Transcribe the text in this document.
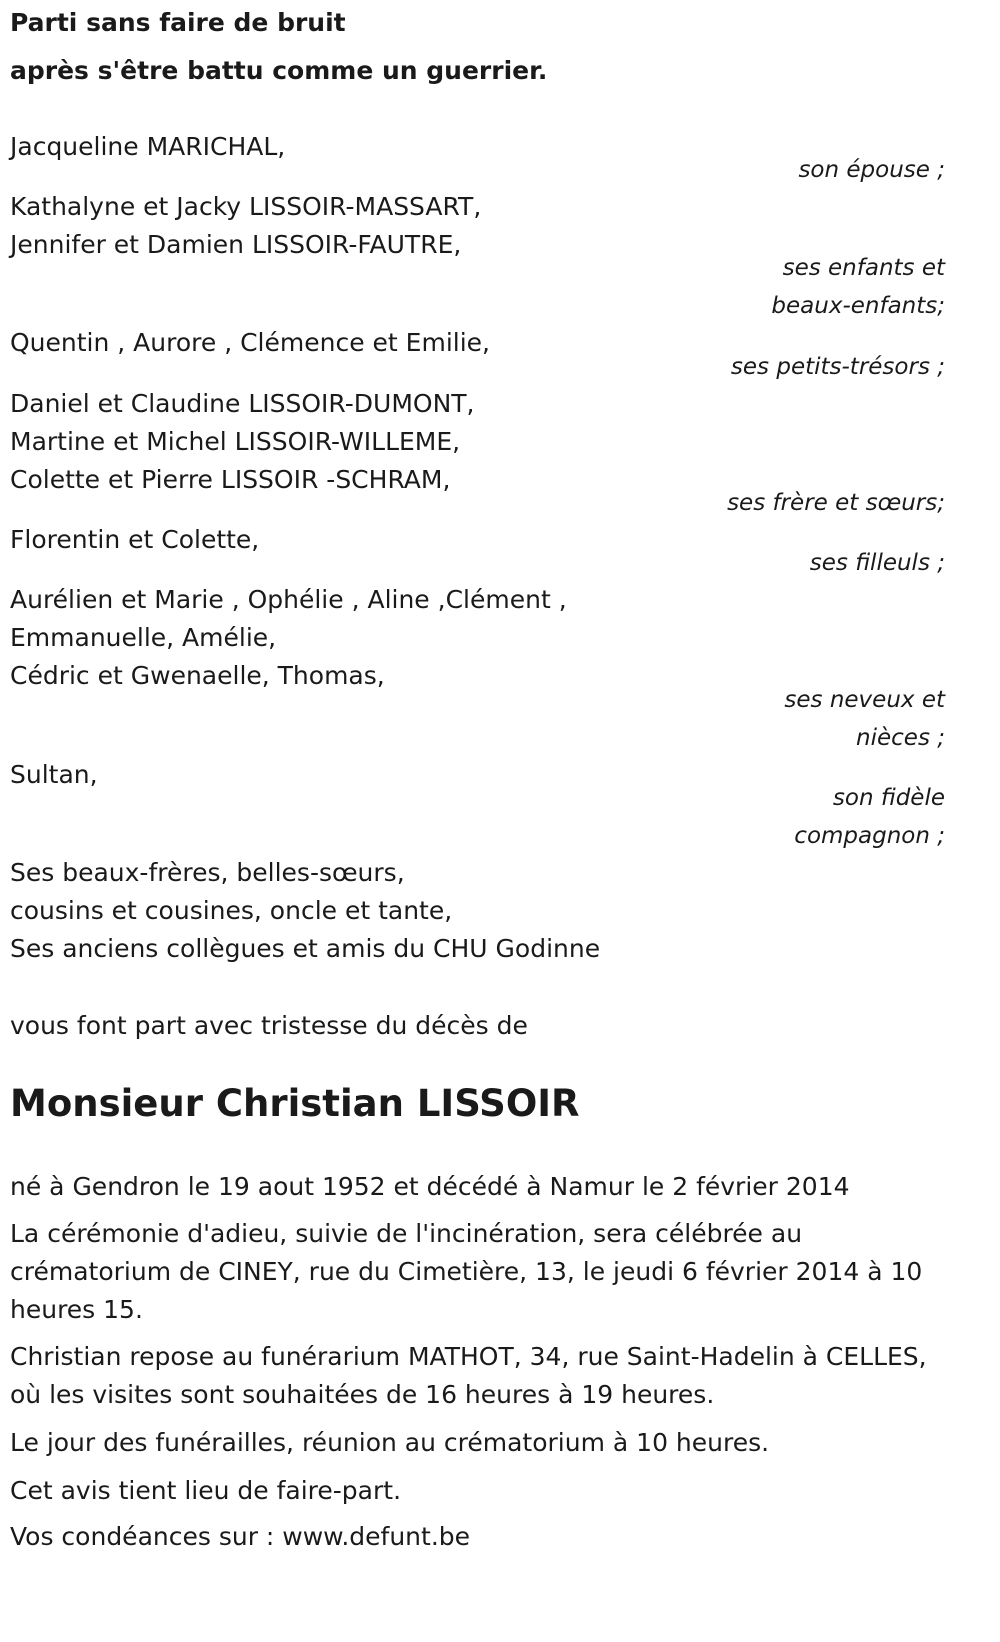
Parti sans faire de bruit

après s'être battu comme un guerrier.

Jacqueline MARICHAL,

son épouse ;

Kathalyne et Jacky LISSOIR-MASSART,

Jennifer et Damien LISSOIR-FAUTRE,

ses enfants et

beaux-enfants;

Quentin , Aurore , Clémence et Emilie,

ses petits-trésors ;

Daniel et Claudine LISSOIR-DUMONT,

Martine et Michel LISSOIR-WILLEME,

Colette et Pierre LISSOIR -SCHRAM,

ses frère et sœurs;

Florentin et Colette,

ses filleuls ;

Aurélien et Marie , Ophélie , Aline ,Clément ,

Emmanuelle, Amélie,

Cédric et Gwenaelle, Thomas,

ses neveux et

nièces ;

Sultan,

son fidèle

compagnon ;

Ses beaux-frères, belles-sœurs,

cousins et cousines, oncle et tante,

Ses anciens collègues et amis du CHU Godinne

vous font part avec tristesse du décès de

Monsieur Christian LISSOIR

né à Gendron le 19 aout 1952 et décédé à Namur le 2 février 2014

La cérémonie d'adieu, suivie de l'incinération, sera célébrée au

crématorium de CINEY, rue du Cimetière, 13, le jeudi 6 février 2014 à 10

heures 15.

Christian repose au funérarium MATHOT, 34, rue Saint-Hadelin à CELLES,

où les visites sont souhaitées de 16 heures à 19 heures.

Le jour des funérailles, réunion au crématorium à 10 heures.

Cet avis tient lieu de faire-part.

Vos condéances sur : www.defunt.be
